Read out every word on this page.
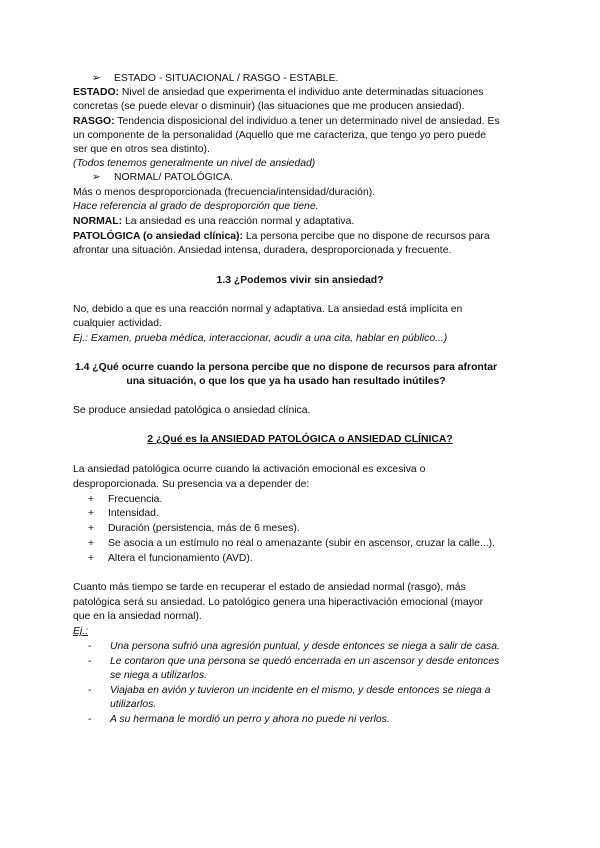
➢ ESTADO - SITUACIONAL / RASGO - ESTABLE.
ESTADO: Nivel de ansiedad que experimenta el individuo ante determinadas situaciones
concretas (se puede elevar o disminuir) (las situaciones que me producen ansiedad).
RASGO: Tendencia disposicional del individuo a tener un determinado nivel de ansiedad. Es
un componente de la personalidad (Aquello que me caracteriza, que tengo yo pero puede
ser que en otros sea distinto).
(Todos tenemos generalmente un nivel de ansiedad)
➢ NORMAL/ PATOLÓGICA.
Más o menos desproporcionada (frecuencia/intensidad/duración).
Hace referencia al grado de desproporción que tiene.
NORMAL: La ansiedad es una reacción normal y adaptativa.
PATOLÓGICA (o ansiedad clínica): La persona percibe que no dispone de recursos para
afrontar una situación. Ansiedad intensa, duradera, desproporcionada y frecuente.
1.3 ¿Podemos vivir sin ansiedad?
No, debido a que es una reacción normal y adaptativa. La ansiedad está implícita en
cualquier actividad.
Ej.: Examen, prueba médica, interaccionar, acudir a una cita, hablar en público...)
1.4 ¿Qué ocurre cuando la persona percibe que no dispone de recursos para afrontar
una situación, o que los que ya ha usado han resultado inútiles?
Se produce ansiedad patológica o ansiedad clínica.
2 ¿Qué es la ANSIEDAD PATOLÓGICA o ANSIEDAD CLÍNICA?
La ansiedad patológica ocurre cuando la activación emocional es excesiva o
desproporcionada. Su presencia va a depender de:
+ Frecuencia.
+ Intensidad.
+ Duración (persistencia, más de 6 meses).
+ Se asocia a un estímulo no real o amenazante (subir en ascensor, cruzar la calle...).
+ Altera el funcionamiento (AVD).
Cuanto más tiempo se tarde en recuperar el estado de ansiedad normal (rasgo), más
patológica será su ansiedad. Lo patológico genera una hiperactivación emocional (mayor
que en la ansiedad normal).
Ej.:
- Una persona sufrió una agresión puntual, y desde entonces se niega a salir de casa.
- Le contaron que una persona se quedó encerrada en un ascensor y desde entonces
se niega a utilizarlos.
- Viajaba en avión y tuvieron un incidente en el mismo, y desde entonces se niega a
utilizarlos.
- A su hermana le mordió un perro y ahora no puede ni verlos.
